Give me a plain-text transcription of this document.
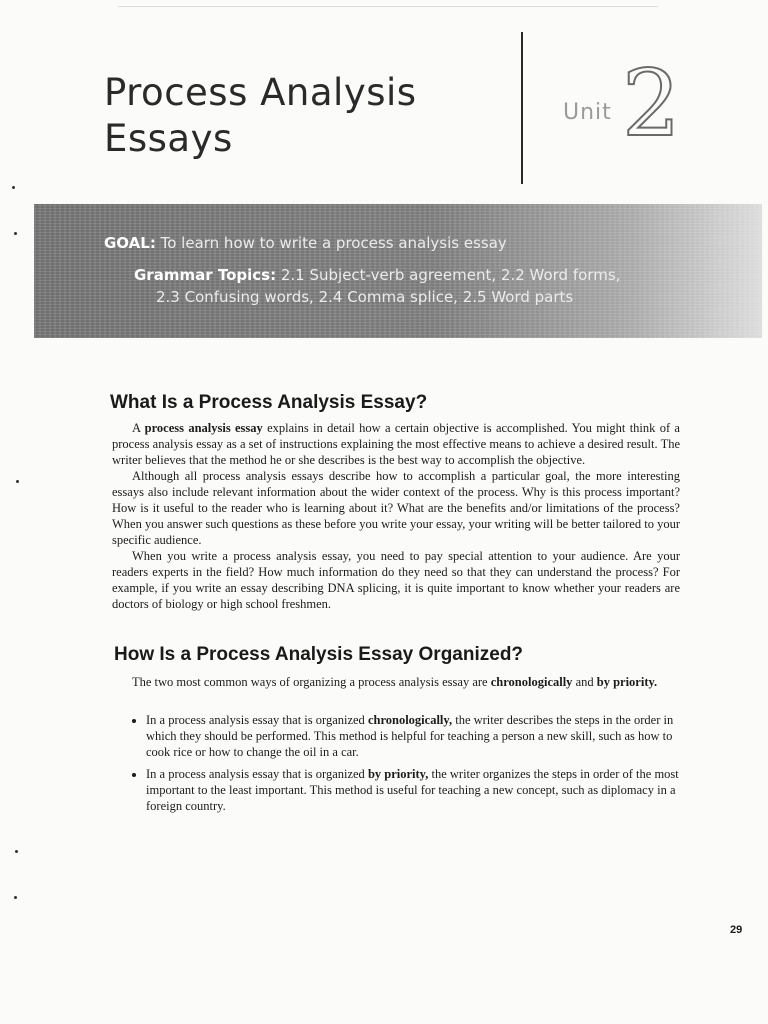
Process Analysis
Essays
Unit 2
GOAL: To learn how to write a process analysis essay
Grammar Topics: 2.1 Subject-verb agreement, 2.2 Word forms,
2.3 Confusing words, 2.4 Comma splice, 2.5 Word parts
What Is a Process Analysis Essay?

A process analysis essay explains in detail how a certain objective is accomplished. You might think of a process analysis essay as a set of instructions explaining the most effective means to achieve a desired result. The writer believes that the method he or she describes is the best way to accomplish the objective.

Although all process analysis essays describe how to accomplish a particular goal, the more interesting essays also include relevant information about the wider context of the process. Why is this process important? How is it useful to the reader who is learning about it? What are the benefits and/or limitations of the process? When you answer such questions as these before you write your essay, your writing will be better tailored to your specific audience.

When you write a process analysis essay, you need to pay special attention to your audience. Are your readers experts in the field? How much information do they need so that they can understand the process? For example, if you write an essay describing DNA splicing, it is quite important to know whether your readers are doctors of biology or high school freshmen.

How Is a Process Analysis Essay Organized?

The two most common ways of organizing a process analysis essay are chronologically and by priority.

• In a process analysis essay that is organized chronologically, the writer describes the steps in the order in which they should be performed. This method is helpful for teaching a person a new skill, such as how to cook rice or how to change the oil in a car.
• In a process analysis essay that is organized by priority, the writer organizes the steps in order of the most important to the least important. This method is useful for teaching a new concept, such as diplomacy in a foreign country.
29
